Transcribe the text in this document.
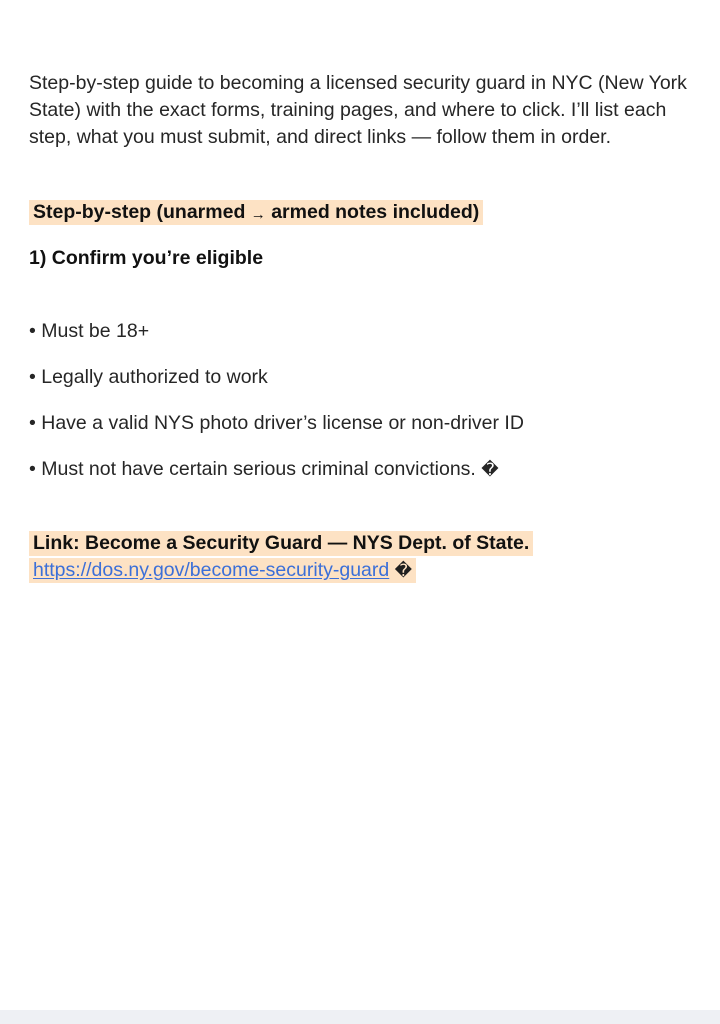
Step-by-step guide to becoming a licensed security guard in NYC (New York State) with the exact forms, training pages, and where to click. I’ll list each step, what you must submit, and direct links — follow them in order.

Step-by-step (unarmed → armed notes included)

1) Confirm you’re eligible

• Must be 18+
• Legally authorized to work
• Have a valid NYS photo driver’s license or non-driver ID
• Must not have certain serious criminal convictions. �

Link: Become a Security Guard — NYS Dept. of State.
https://dos.ny.gov/become-security-guard �
